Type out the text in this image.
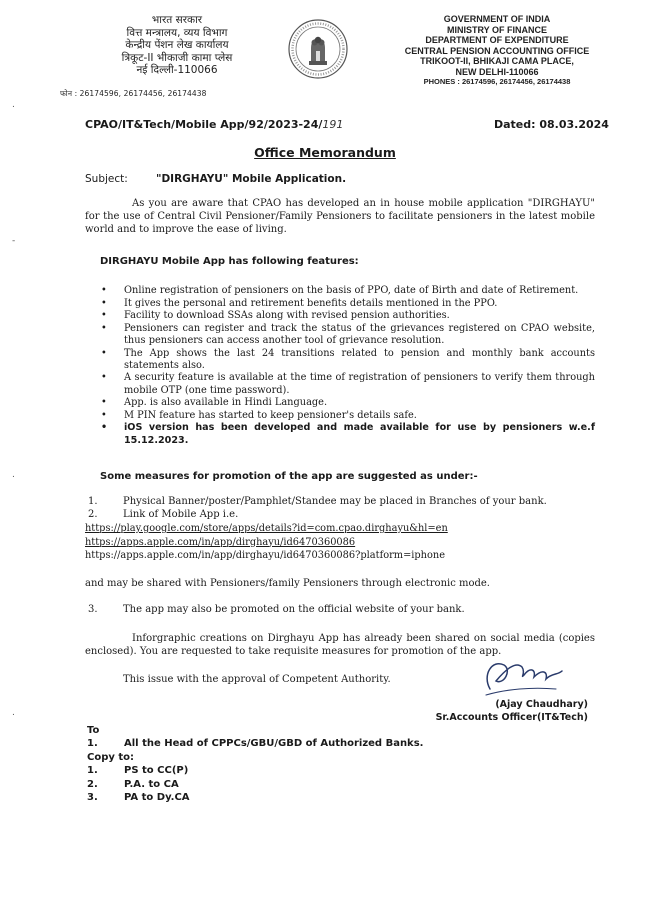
भारत सरकार
वित्त मन्त्रालय, व्यय विभाग
केन्द्रीय पेंशन लेख कार्यालय
त्रिकूट-II भीकाजी कामा प्लेस
नई दिल्ली-110066
फोन : 26174596, 26174456, 26174438
GOVERNMENT OF INDIA
MINISTRY OF FINANCE
DEPARTMENT OF EXPENDITURE
CENTRAL PENSION ACCOUNTING OFFICE
TRIKOOT-II, BHIKAJI CAMA PLACE,
NEW DELHI-110066
PHONES : 26174596, 26174456, 26174438
CPAO/IT&Tech/Mobile App/92/2023-24/191	Dated: 08.03.2024
Office Memorandum
Subject:	"DIRGHAYU" Mobile Application.
As you are aware that CPAO has developed an in house mobile application "DIRGHAYU" for the use of Central Civil Pensioner/Family Pensioners to facilitate pensioners in the latest mobile world and to improve the ease of living.
DIRGHAYU Mobile App has following features:
• Online registration of pensioners on the basis of PPO, date of Birth and date of Retirement.
• It gives the personal and retirement benefits details mentioned in the PPO.
• Facility to download SSAs along with revised pension authorities.
• Pensioners can register and track the status of the grievances registered on CPAO website, thus pensioners can access another tool of grievance resolution.
• The App shows the last 24 transitions related to pension and monthly bank accounts statements also.
• A security feature is available at the time of registration of pensioners to verify them through mobile OTP (one time password).
• App. is also available in Hindi Language.
• M PIN feature has started to keep pensioner's details safe.
• iOS version has been developed and made available for use by pensioners w.e.f 15.12.2023.
Some measures for promotion of the app are suggested as under:-
1.	Physical Banner/poster/Pamphlet/Standee may be placed in Branches of your bank.
2.	Link of Mobile App i.e.
https://play.google.com/store/apps/details?id=com.cpao.dirghayu&hl=en
https://apps.apple.com/in/app/dirghayu/id6470360086
https://apps.apple.com/in/app/dirghayu/id6470360086?platform=iphone
and may be shared with Pensioners/family Pensioners through electronic mode.
3.	The app may also be promoted on the official website of your bank.
Inforgraphic creations on Dirghayu App has already been shared on social media (copies enclosed). You are requested to take requisite measures for promotion of the app.
This issue with the approval of Competent Authority.
(Ajay Chaudhary)
Sr.Accounts Officer(IT&Tech)
To
1.	All the Head of CPPCs/GBU/GBD of Authorized Banks.
Copy to:
1.	PS to CC(P)
2.	P.A. to CA
3.	PA to Dy.CA
.
-
.
.
